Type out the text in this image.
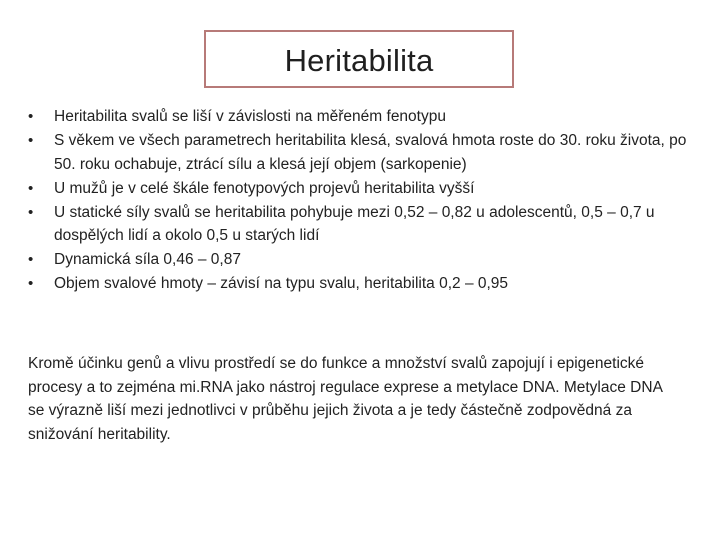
Heritabilita
•	Heritabilita svalů se liší v závislosti na měřeném fenotypu
•	S věkem ve všech parametrech heritabilita klesá, svalová hmota roste do 30. roku života, po 50. roku ochabuje, ztrácí sílu a klesá její objem (sarkopenie)
•	U mužů je v celé škále fenotypových projevů heritabilita vyšší
•	U statické síly svalů se heritabilita pohybuje mezi 0,52 – 0,82 u adolescentů, 0,5 – 0,7 u dospělých lidí a okolo 0,5 u starých lidí
•	Dynamická síla 0,46 – 0,87
•	Objem svalové hmoty – závisí na typu svalu, heritabilita 0,2 – 0,95

Kromě účinku genů a vlivu prostředí se do funkce a množství svalů zapojují i epigenetické procesy a to zejména mi.RNA jako nástroj regulace exprese a metylace DNA. Metylace DNA se výrazně liší mezi jednotlivci v průběhu jejich života a je tedy částečně zodpovědná za snižování heritability.
